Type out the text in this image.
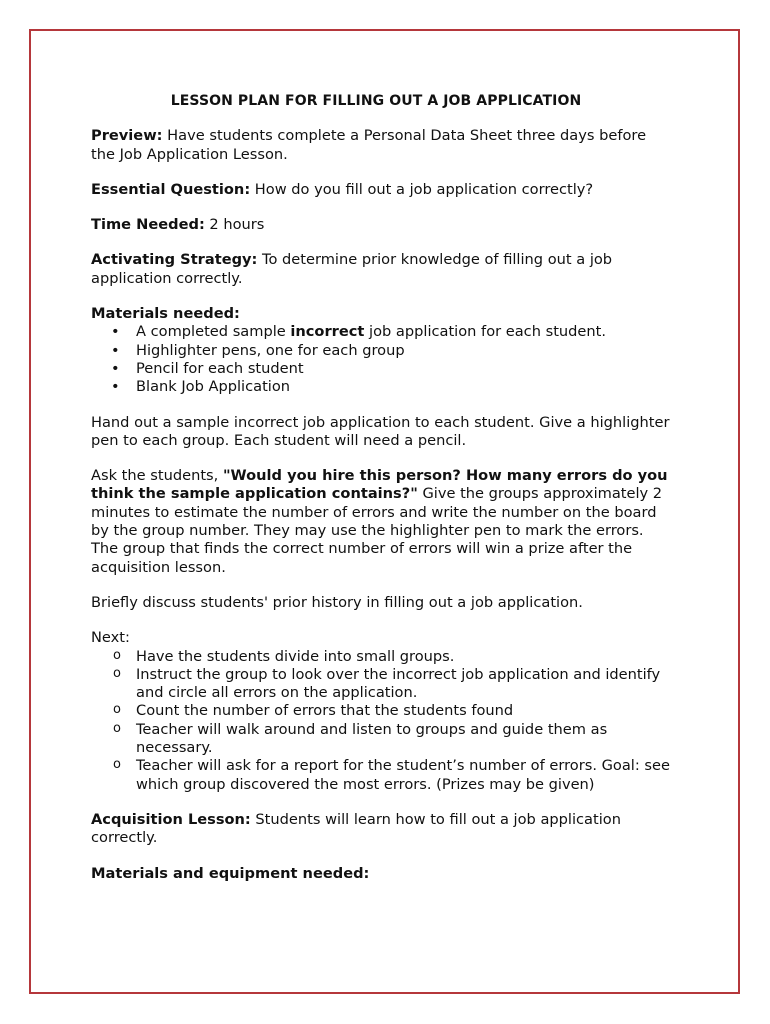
LESSON PLAN FOR FILLING OUT A JOB APPLICATION

Preview: Have students complete a Personal Data Sheet three days before the Job Application Lesson.

Essential Question: How do you fill out a job application correctly?

Time Needed: 2 hours

Activating Strategy: To determine prior knowledge of filling out a job application correctly.

Materials needed:
• A completed sample incorrect job application for each student.
• Highlighter pens, one for each group
• Pencil for each student
• Blank Job Application

Hand out a sample incorrect job application to each student. Give a highlighter pen to each group. Each student will need a pencil.

Ask the students, "Would you hire this person? How many errors do you think the sample application contains?" Give the groups approximately 2 minutes to estimate the number of errors and write the number on the board by the group number. They may use the highlighter pen to mark the errors. The group that finds the correct number of errors will win a prize after the acquisition lesson.

Briefly discuss students' prior history in filling out a job application.

Next:
o Have the students divide into small groups.
o Instruct the group to look over the incorrect job application and identify and circle all errors on the application.
o Count the number of errors that the students found
o Teacher will walk around and listen to groups and guide them as necessary.
o Teacher will ask for a report for the student’s number of errors. Goal: see which group discovered the most errors. (Prizes may be given)

Acquisition Lesson: Students will learn how to fill out a job application correctly.

Materials and equipment needed:
